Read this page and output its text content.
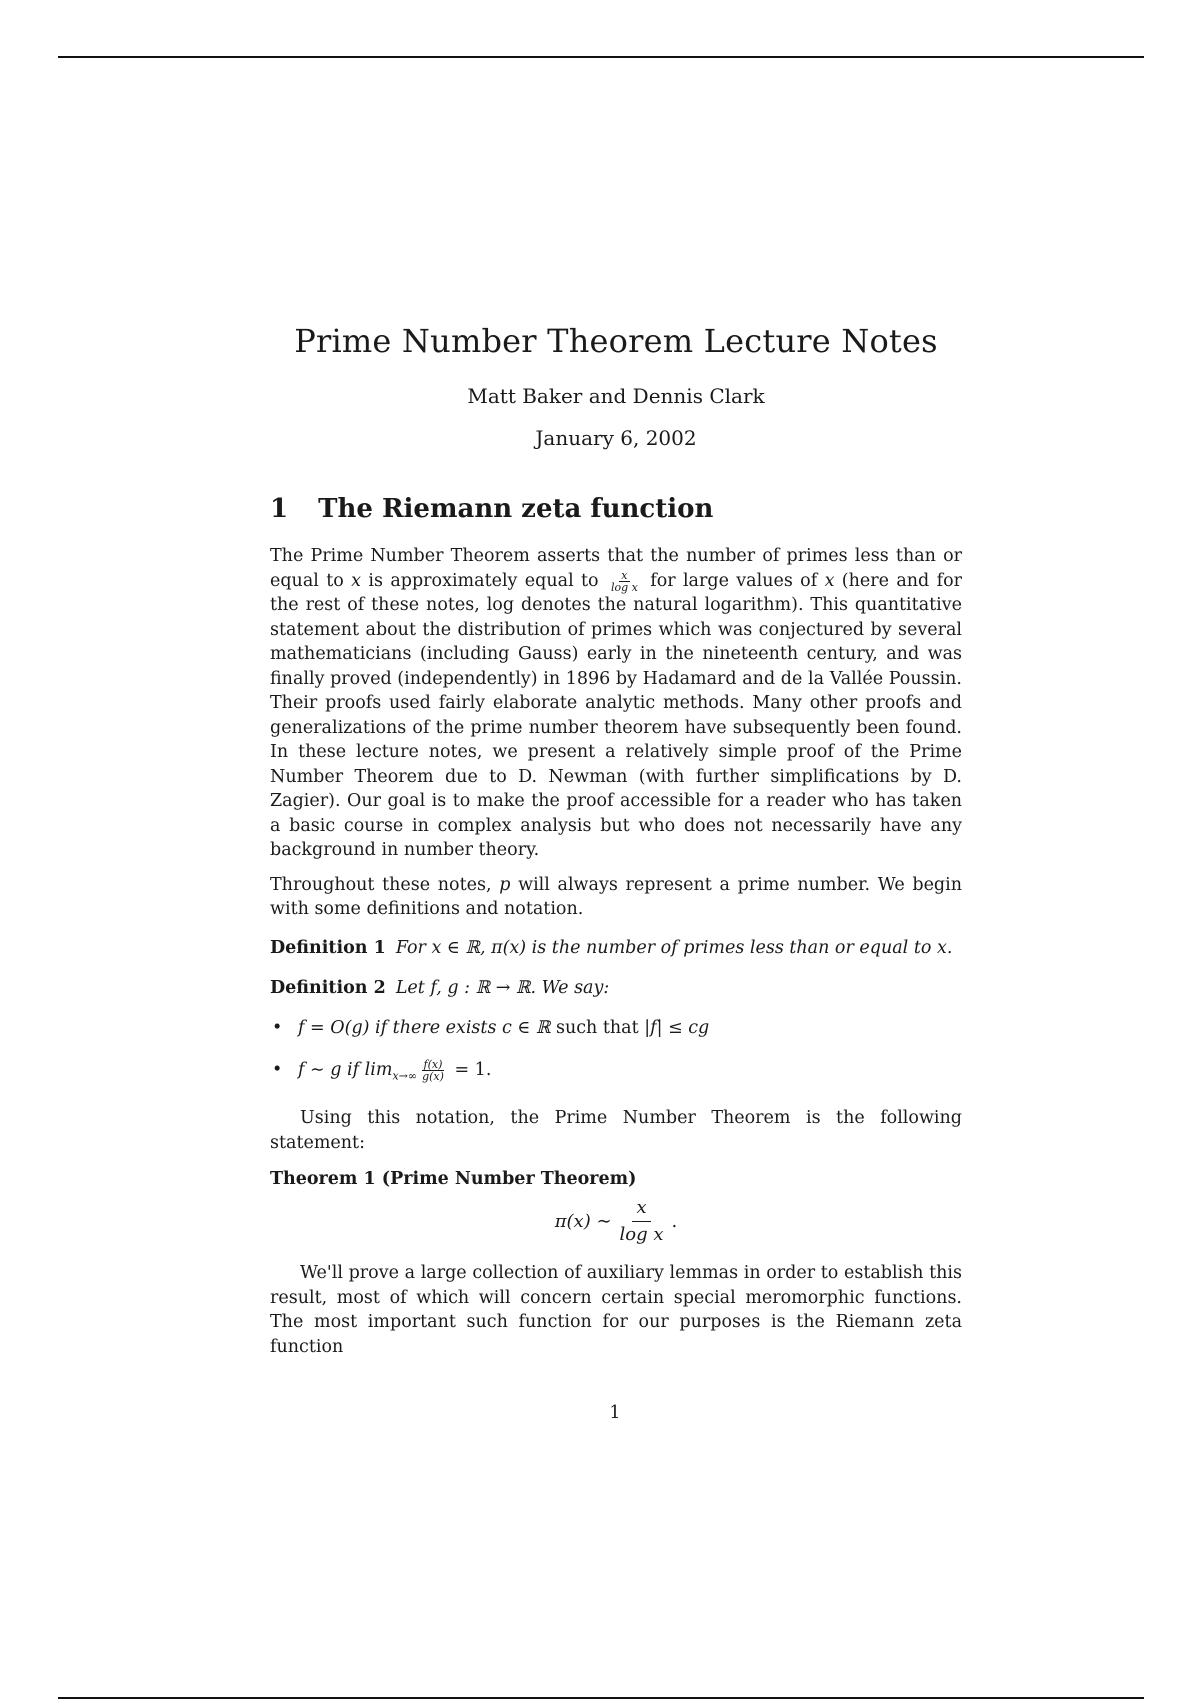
Prime Number Theorem Lecture Notes
Matt Baker and Dennis Clark
January 6, 2002
1 The Riemann zeta function

The Prime Number Theorem asserts that the number of primes less than or equal to x is approximately equal to $\frac{x}{\text{log x}}$ for large values of x (here and for the rest of these notes, log denotes the natural logarithm). This quantitative statement about the distribution of primes which was conjectured by several mathematicians (including Gauss) early in the nineteenth century, and was finally proved (independently) in 1896 by Hadamard and de la Vallée Poussin. Their proofs used fairly elaborate analytic methods. Many other proofs and generalizations of the prime number theorem have subsequently been found. In these lecture notes, we present a relatively simple proof of the Prime Number Theorem due to D. Newman (with further simplifications by D. Zagier). Our goal is to make the proof accessible for a reader who has taken a basic course in complex analysis but who does not necessarily have any background in number theory.

Throughout these notes, p will always represent a prime number. We begin with some definitions and notation.

Definition 1 For x ∈ ℝ, π(x) is the number of primes less than or equal to x.
Definition 2 Let f, g : ℝ → ℝ. We say:
• f = O(g) if there exists c ∈ ℝ such that |f| ≤ cg
• f ∼ g if $\lim_{x\to\infty} \frac{f(x)}{g(x)} = 1$.

Using this notation, the Prime Number Theorem is the following statement:

Theorem 1 (Prime Number Theorem)
π(x) ∼ $\frac{x}{\text{log x}}$ .

We'll prove a large collection of auxiliary lemmas in order to establish this result, most of which will concern certain special meromorphic functions. The most important such function for our purposes is the Riemann zeta function

1
